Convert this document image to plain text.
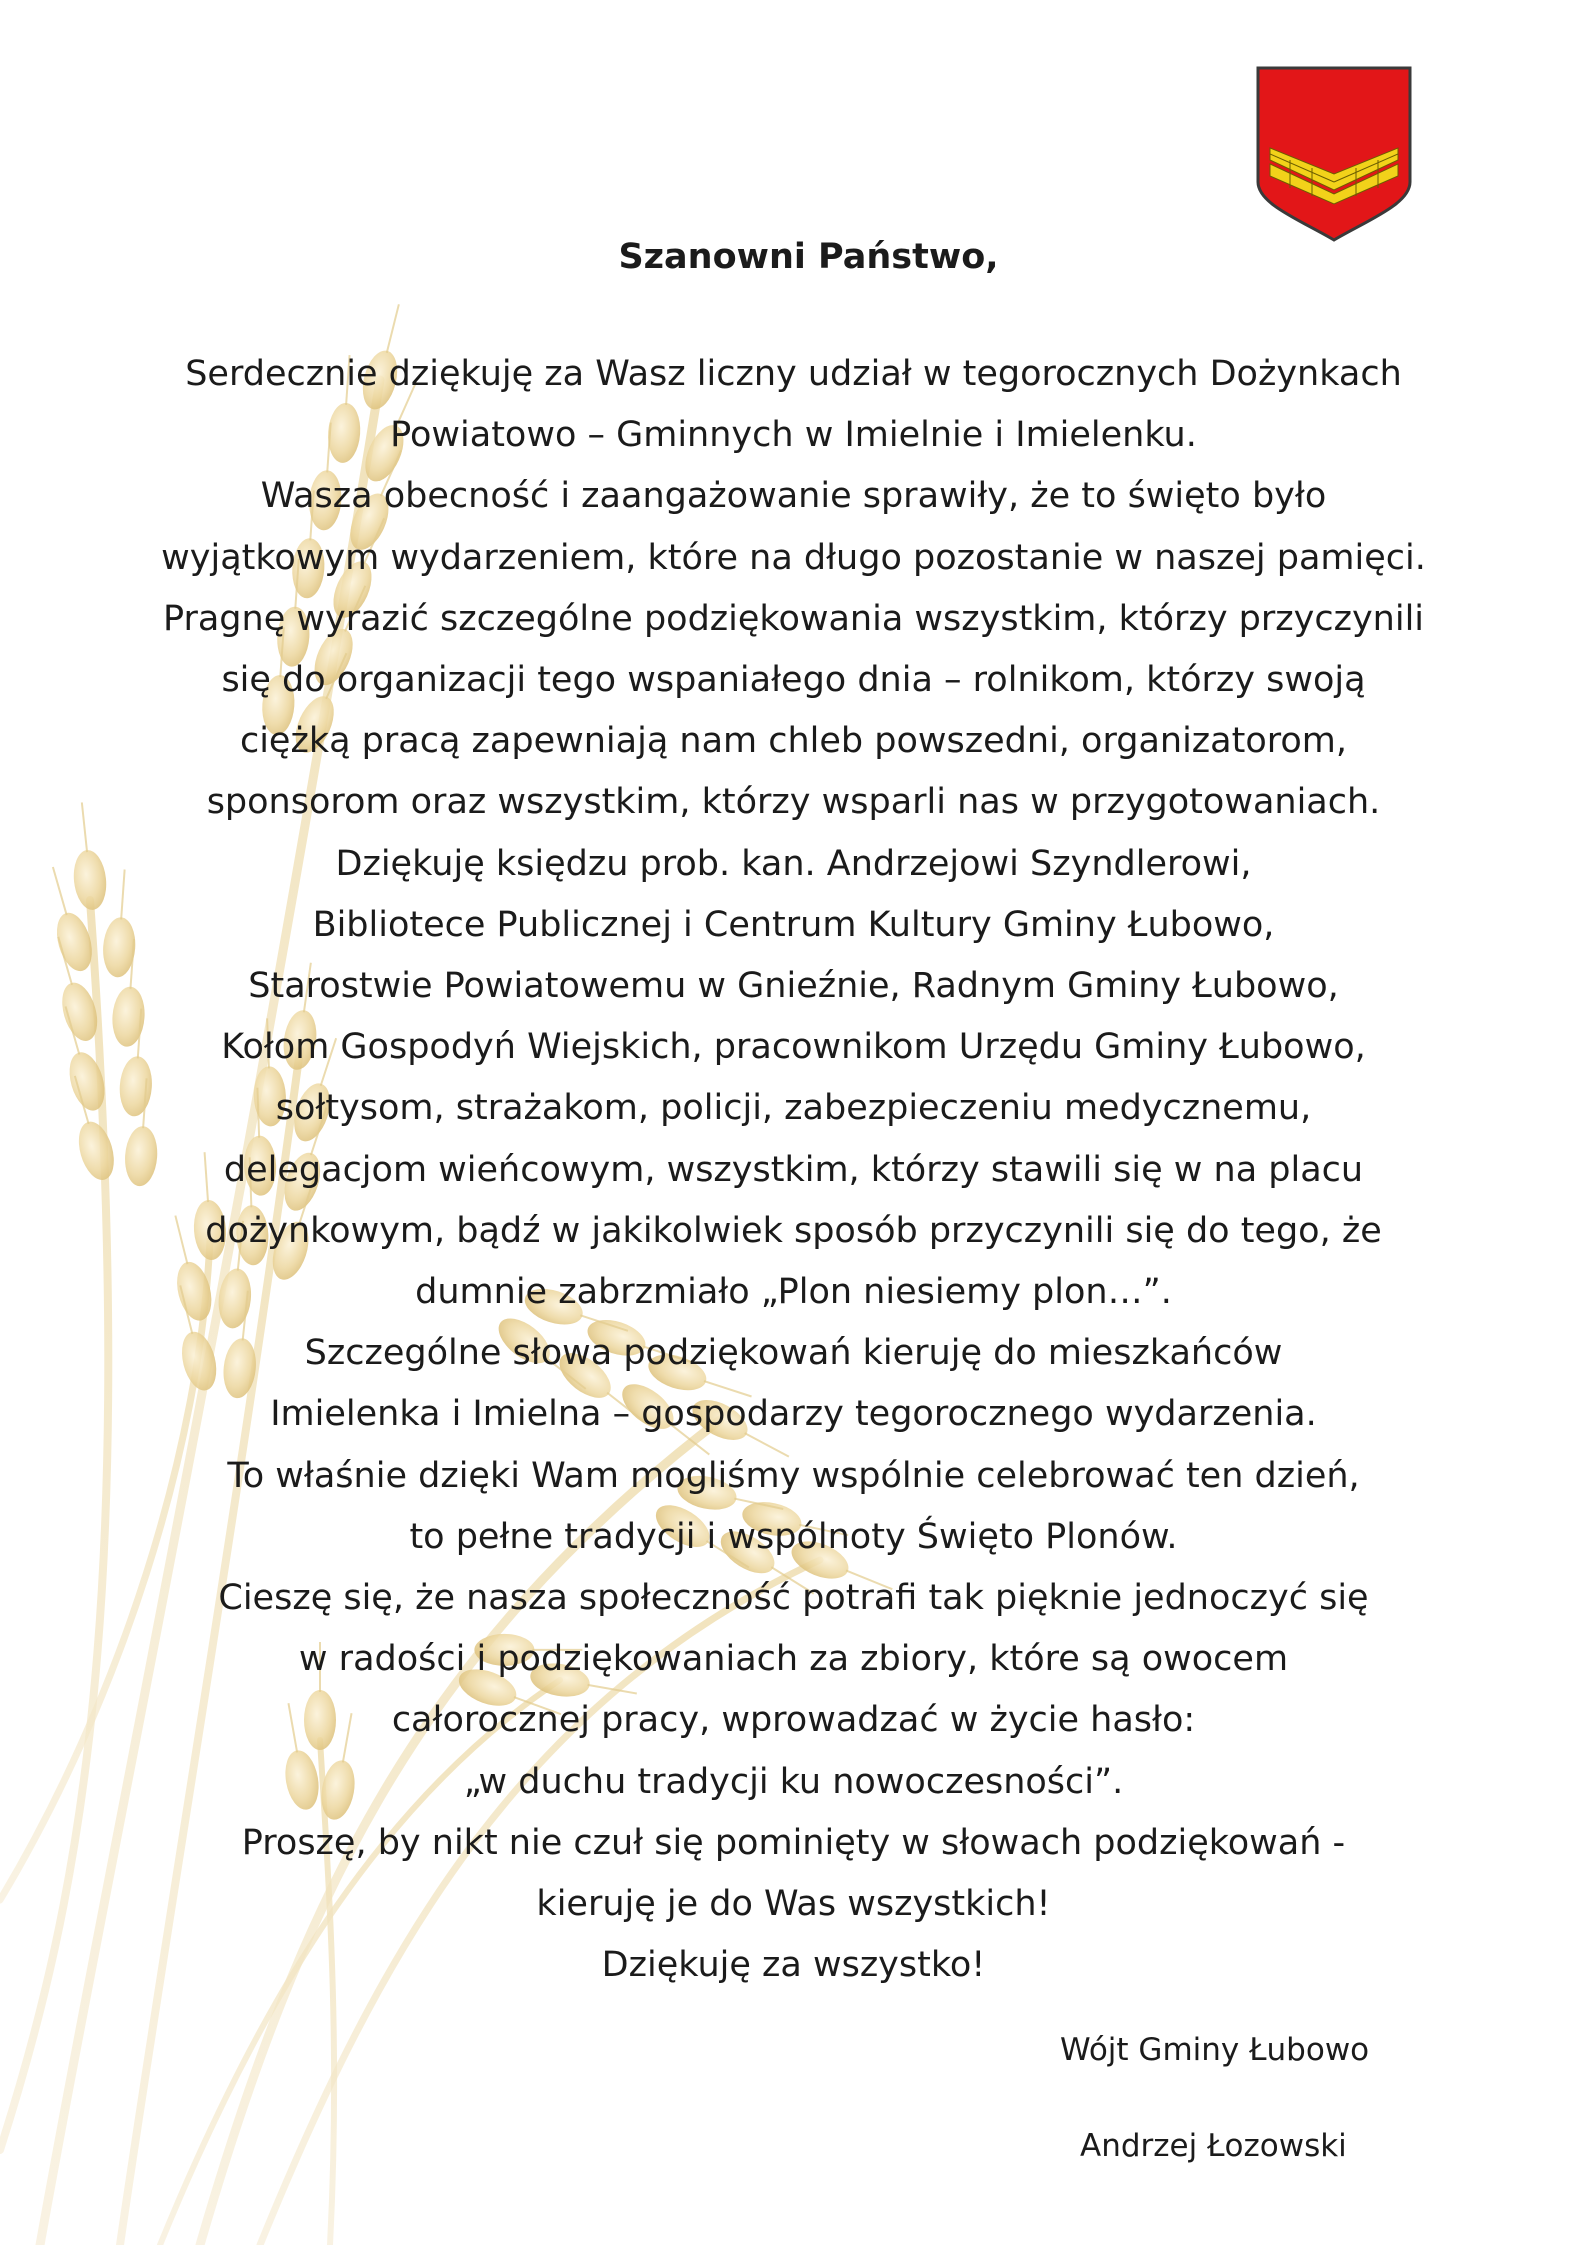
Szanowni Państwo,
Serdecznie dziękuję za Wasz liczny udział w tegorocznych Dożynkach
Powiatowo – Gminnych w Imielnie i Imielenku.
Wasza obecność i zaangażowanie sprawiły, że to święto było
wyjątkowym wydarzeniem, które na długo pozostanie w naszej pamięci.
Pragnę wyrazić szczególne podziękowania wszystkim, którzy przyczynili
się do organizacji tego wspaniałego dnia – rolnikom, którzy swoją
ciężką pracą zapewniają nam chleb powszedni, organizatorom,
sponsorom oraz wszystkim, którzy wsparli nas w przygotowaniach.
Dziękuję księdzu prob. kan. Andrzejowi Szyndlerowi,
Bibliotece Publicznej i Centrum Kultury Gminy Łubowo,
Starostwie Powiatowemu w Gnieźnie, Radnym Gminy Łubowo,
Kołom Gospodyń Wiejskich, pracownikom Urzędu Gminy Łubowo,
sołtysom, strażakom, policji, zabezpieczeniu medycznemu,
delegacjom wieńcowym, wszystkim, którzy stawili się w na placu
dożynkowym, bądź w jakikolwiek sposób przyczynili się do tego, że
dumnie zabrzmiało „Plon niesiemy plon…”.
Szczególne słowa podziękowań kieruję do mieszkańców
Imielenka i Imielna – gospodarzy tegorocznego wydarzenia.
To właśnie dzięki Wam mogliśmy wspólnie celebrować ten dzień,
to pełne tradycji i wspólnoty Święto Plonów.
Cieszę się, że nasza społeczność potrafi tak pięknie jednoczyć się
w radości i podziękowaniach za zbiory, które są owocem
całorocznej pracy, wprowadzać w życie hasło:
„w duchu tradycji ku nowoczesności”.
Proszę, by nikt nie czuł się pominięty w słowach podziękowań -
kieruję je do Was wszystkich!
Dziękuję za wszystko!
Wójt Gminy Łubowo
Andrzej Łozowski
